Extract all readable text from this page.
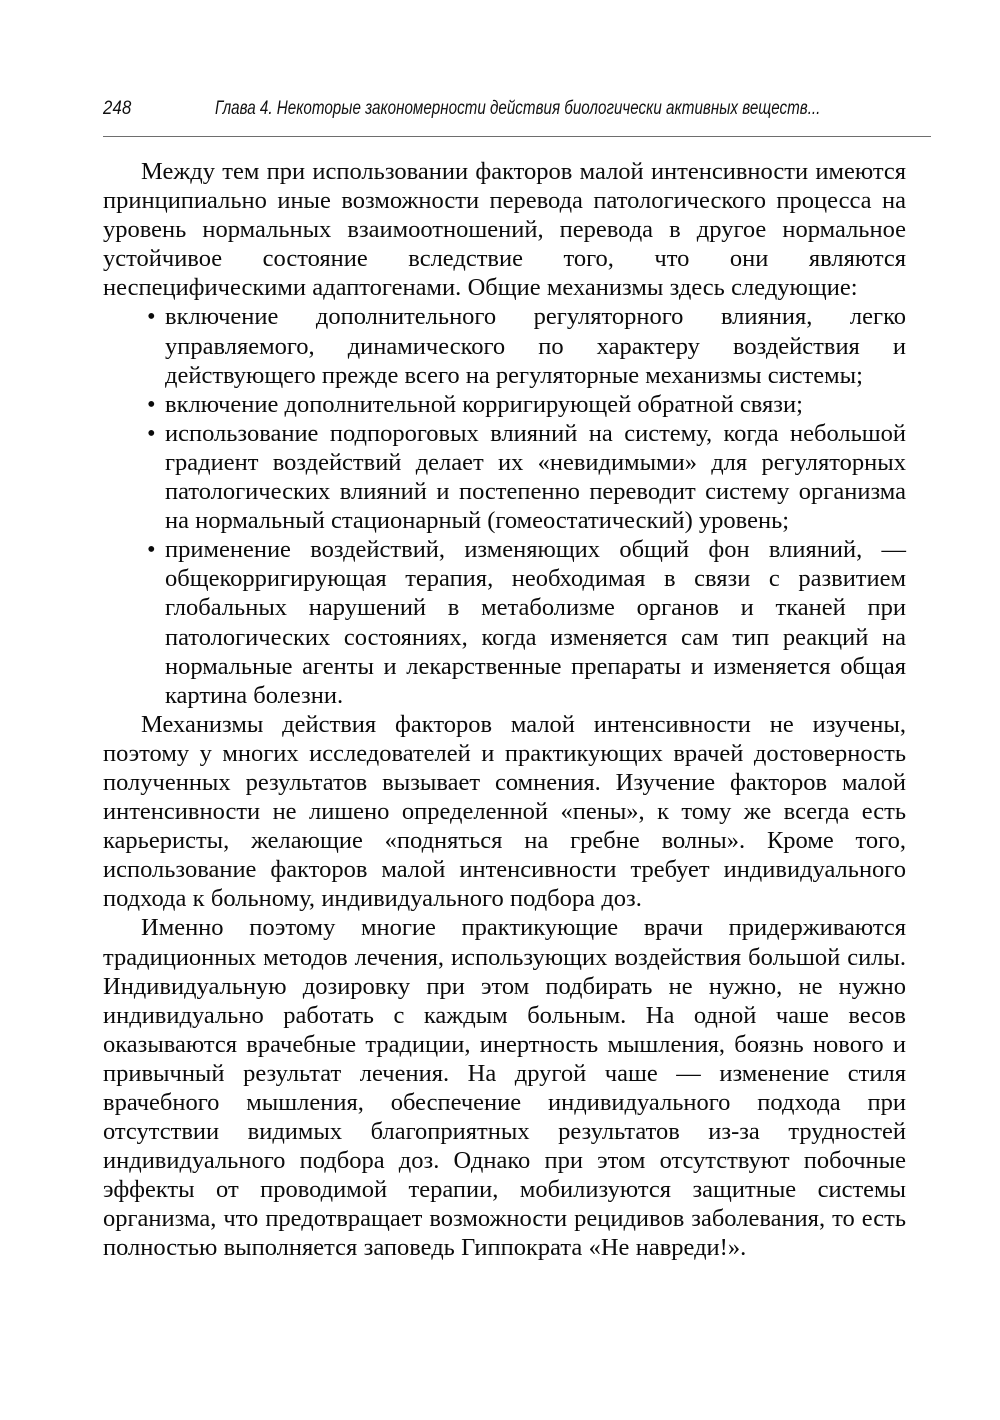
248	Глава 4. Некоторые закономерности действия биологически активных веществ...

Между тем при использовании факторов малой интенсивности имеются принципиально иные возможности перевода патологического процесса на уровень нормальных взаимоотношений, перевода в другое нормальное устойчивое состояние вследствие того, что они являются неспецифическими адаптогенами. Общие механизмы здесь следующие:

• включение дополнительного регуляторного влияния, легко управляемого, динамического по характеру воздействия и действующего прежде всего на регуляторные механизмы системы;
• включение дополнительной корригирующей обратной связи;
• использование подпороговых влияний на систему, когда небольшой градиент воздействий делает их «невидимыми» для регуляторных патологических влияний и постепенно переводит систему организма на нормальный стационарный (гомеостатический) уровень;
• применение воздействий, изменяющих общий фон влияний, — общекорригирующая терапия, необходимая в связи с развитием глобальных нарушений в метаболизме органов и тканей при патологических состояниях, когда изменяется сам тип реакций на нормальные агенты и лекарственные препараты и изменяется общая картина болезни.

Механизмы действия факторов малой интенсивности не изучены, поэтому у многих исследователей и практикующих врачей достоверность полученных результатов вызывает сомнения. Изучение факторов малой интенсивности не лишено определенной «пены», к тому же всегда есть карьеристы, желающие «подняться на гребне волны». Кроме того, использование факторов малой интенсивности требует индивидуального подхода к больному, индивидуального подбора доз.

Именно поэтому многие практикующие врачи придерживаются традиционных методов лечения, использующих воздействия большой силы. Индивидуальную дозировку при этом подбирать не нужно, не нужно индивидуально работать с каждым больным. На одной чаше весов оказываются врачебные традиции, инертность мышления, боязнь нового и привычный результат лечения. На другой чаше — изменение стиля врачебного мышления, обеспечение индивидуального подхода при отсутствии видимых благоприятных результатов из-за трудностей индивидуального подбора доз. Однако при этом отсутствуют побочные эффекты от проводимой терапии, мобилизуются защитные системы организма, что предотвращает возможности рецидивов заболевания, то есть полностью выполняется заповедь Гиппократа «Не навреди!».
